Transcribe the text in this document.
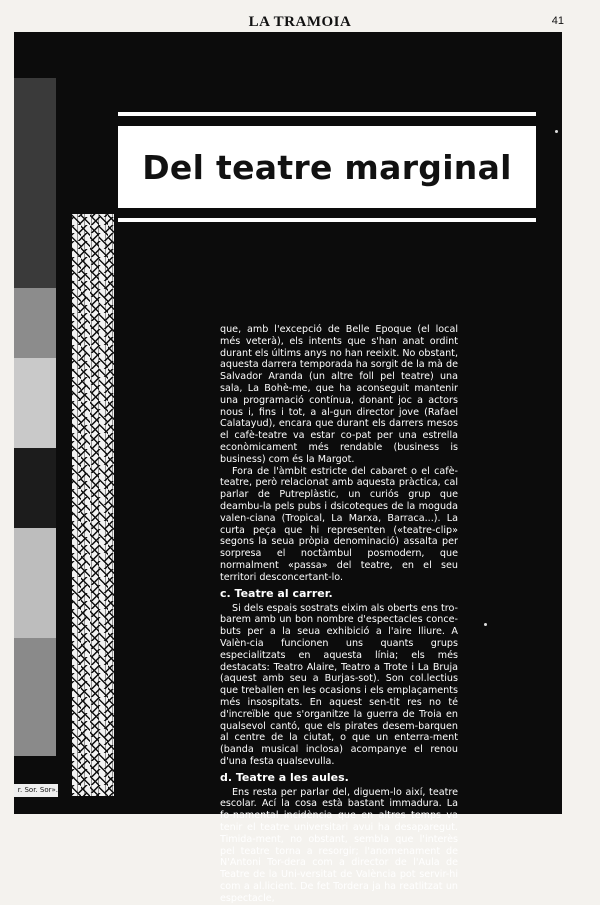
LA TRAMOIA	41
r. Sor. Sor».
Del teatre marginal

que, amb l'excepció de Belle Epoque (el local més veterà), els intents que s'han anat ordint durant els últims anys no han reeixit. No obstant, aquesta darrera temporada ha sorgit de la mà de Salvador Aranda (un altre foll pel teatre) una sala, La Bohè-me, que ha aconseguit mantenir una programació contínua, donant joc a actors nous i, fins i tot, a al-gun director jove (Rafael Calatayud), encara que durant els darrers mesos el cafè-teatre va estar co-pat per una estrella econòmicament més rendable (business is business) com és la Margot.

Fora de l'àmbit estricte del cabaret o el cafè-teatre, però relacionat amb aquesta pràctica, cal parlar de Putreplàstic, un curiós grup que deambu-la pels pubs i dsicoteques de la moguda valen-ciana (Tropical, La Marxa, Barraca...). La curta peça que hi representen («teatre-clip» segons la seua pròpia denominació) assalta per sorpresa el noctàmbul posmodern, que normalment «passa» del teatre, en el seu territori desconcertant-lo.

c. Teatre al carrer.

Si dels espais sostrats eixim als oberts ens tro-barem amb un bon nombre d'espectacles conce-buts per a la seua exhibició a l'aire lliure. A Valèn-cia funcionen uns quants grups especialitzats en aquesta línia; els més destacats: Teatro Alaire, Teatro a Trote i La Bruja (aquest amb seu a Burjas-sot). Son col.lectius que treballen en les ocasions i els emplaçaments més insospitats. En aquest sen-tit res no té d'increïble que s'organitze la guerra de Troia en qualsevol cantó, que els pirates desem-barquen al centre de la ciutat, o que un enterra-ment (banda musical inclosa) acompanye el renou d'una festa qualsevulla.

d. Teatre a les aules.

Ens resta per parlar del, diguem-lo així, teatre escolar. Ací la cosa està bastant immadura. La fo-namental incidència que en altres temps va tenir el teatre universitari avui ha desaparegut. Timida-ment, no obstant, sembla que l'interès pel teatre torna a resorgir; l'anomenament de N'Antoni Tor-dera com a director de l'Aula de Teatre de la Uni-versitat de València pot servir-hi com a al.licient. De fet Tordera ja ha reatlitzat un espectacle,
